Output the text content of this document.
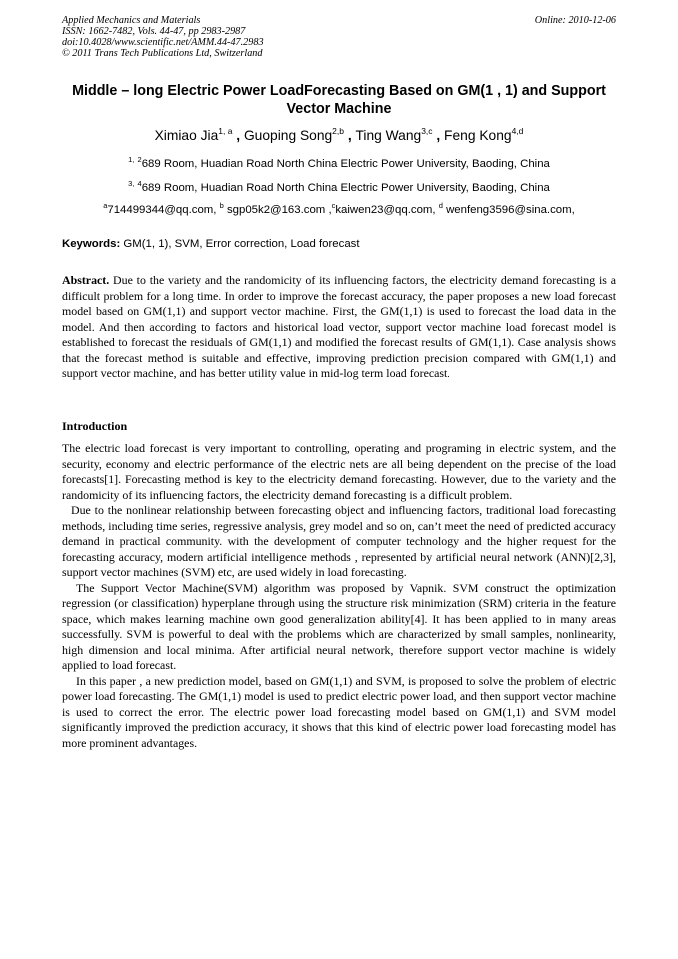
Applied Mechanics and Materials
ISSN: 1662-7482, Vols. 44-47, pp 2983-2987
doi:10.4028/www.scientific.net/AMM.44-47.2983
© 2011 Trans Tech Publications Ltd, Switzerland
Online: 2010-12-06
Middle – long Electric Power LoadForecasting Based on GM(1 , 1) and Support Vector Machine
Ximiao Jia$^{1, a}$ , Guoping Song$^{2,b}$ , Ting Wang$^{3,c}$ , Feng Kong$^{4,d}$
$^{1,}$ $^2$689 Room, Huadian Road North China Electric Power University, Baoding, China
$^{3,}$ $^4$689 Room, Huadian Road North China Electric Power University, Baoding, China
$^a$714499344@qq.com, $^b$ sgp05k2@163.com ,$^c$kaiwen23@qq.com, $^d$ wenfeng3596@sina.com,
Keywords: GM(1, 1), SVM, Error correction, Load forecast
Abstract. Due to the variety and the randomicity of its influencing factors, the electricity demand forecasting is a difficult problem for a long time. In order to improve the forecast accuracy, the paper proposes a new load forecast model based on GM(1,1) and support vector machine. First, the GM(1,1) is used to forecast the load data in the model. And then according to factors and historical load vector, support vector machine load forecast model is established to forecast the residuals of GM(1,1) and modified the forecast results of GM(1,1). Case analysis shows that the forecast method is suitable and effective, improving prediction precision compared with GM(1,1) and support vector machine, and has better utility value in mid-log term load forecast.
Introduction

The electric load forecast is very important to controlling, operating and programing in electric system, and the security, economy and electric performance of the electric nets are all being dependent on the precise of the load forecasts[1]. Forecasting method is key to the electricity demand forecasting. However, due to the variety and the randomicity of its influencing factors, the electricity demand forecasting is a difficult problem.

Due to the nonlinear relationship between forecasting object and influencing factors, traditional load forecasting methods, including time series, regressive analysis, grey model and so on, can’t meet the need of predicted accuracy demand in practical community. with the development of computer technology and the higher request for the forecasting accuracy, modern artificial intelligence methods , represented by artificial neural network (ANN)[2,3], support vector machines (SVM) etc, are used widely in load forecasting.

The Support Vector Machine(SVM) algorithm was proposed by Vapnik. SVM construct the optimization regression (or classification) hyperplane through using the structure risk minimization (SRM) criteria in the feature space, which makes learning machine own good generalization ability[4]. It has been applied to in many areas successfully. SVM is powerful to deal with the problems which are characterized by small samples, nonlinearity, high dimension and local minima. After artificial neural network, therefore support vector machine is widely applied to load forecast.

In this paper , a new prediction model, based on GM(1,1) and SVM, is proposed to solve the problem of electric power load forecasting. The GM(1,1) model is used to predict electric power load, and then support vector machine is used to correct the error. The electric power load forecasting model based on GM(1,1) and SVM model significantly improved the prediction accuracy, it shows that this kind of electric power load forecasting model has more prominent advantages.
